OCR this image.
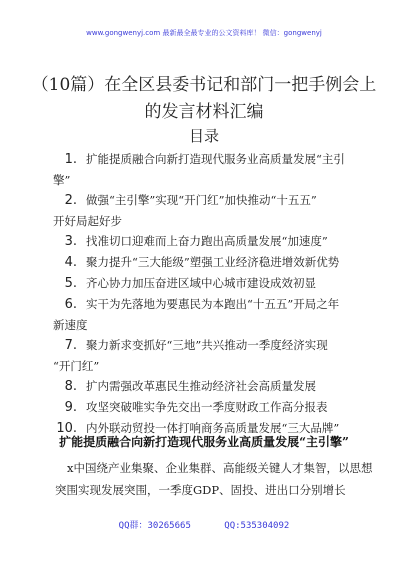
www.gongwenyj.com 最新最全最专业的公文资料库！ 微信：gongwenyj
（10篇）在全区县委书记和部门一把手例会上的发言材料汇编
目录
1. 扩能提质融合向新打造现代服务业高质量发展“主引
擎”
2. 做强“主引擎”实现“开门红”加快推动“十五五”
开好局起好步
3. 找准切口迎难而上奋力跑出高质量发展“加速度”
4. 聚力提升“三大能级”塑强工业经济稳进增效新优势
5. 齐心协力加压奋进区域中心城市建设成效初显
6. 实干为先落地为要惠民为本跑出“十五五”开局之年
新速度
7. 聚力新求变抓好“三地”共兴推动一季度经济实现
“开门红”
8. 扩内需强改革惠民生推动经济社会高质量发展
9. 攻坚突破唯实争先交出一季度财政工作高分报表
10. 内外联动贸投一体打响商务高质量发展“三大品牌”
扩能提质融合向新打造现代服务业高质量发展“主引擎”

x中国绕产业集聚、企业集群、高能级关键人才集智，以思想突围实现发展突围，一季度GDP、固投、进出口分别增长

QQ群：30265665	QQ:535304092
